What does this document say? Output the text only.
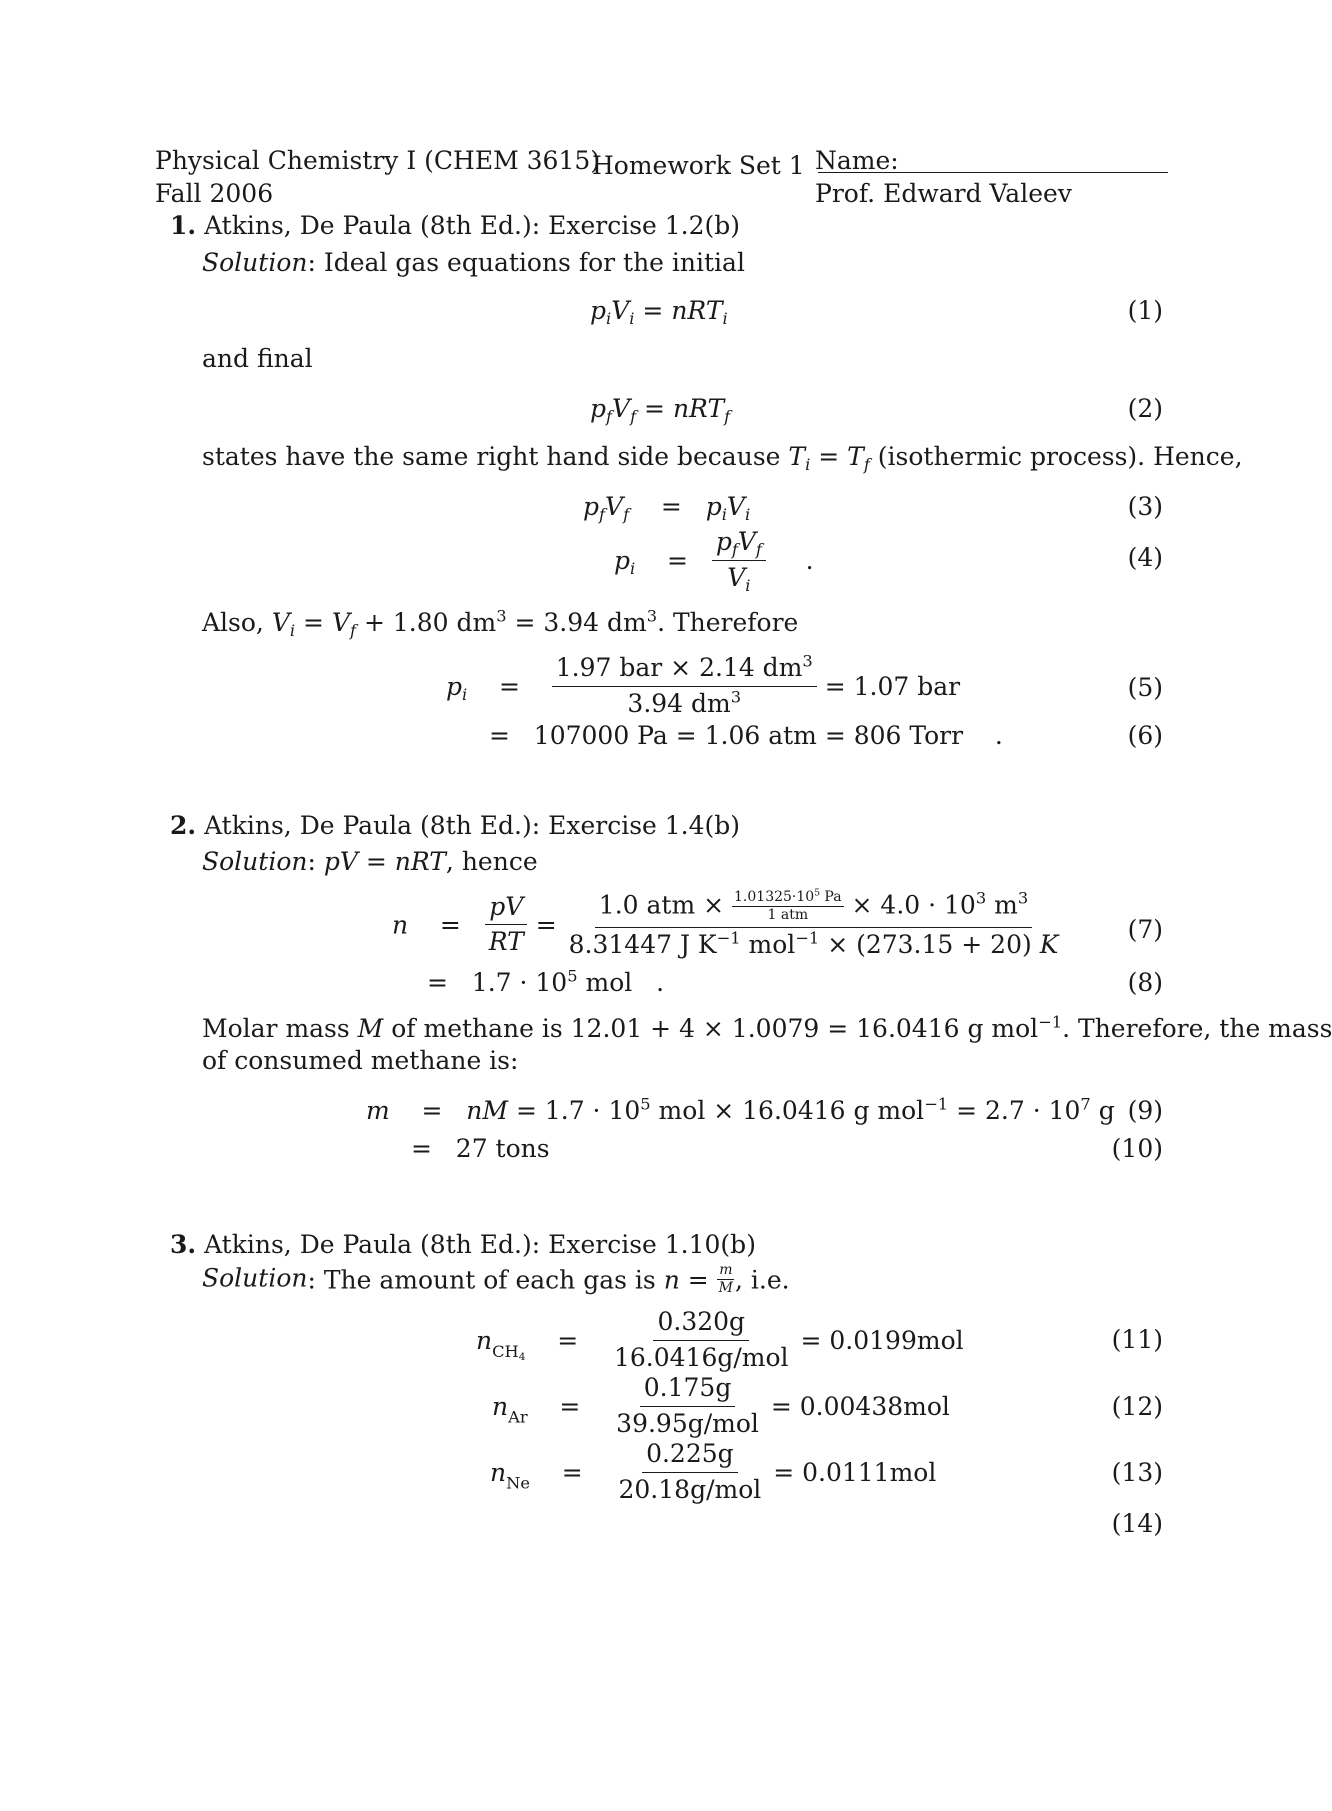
Physical Chemistry I (CHEM 3615)
Fall 2006
Homework Set 1 Name:
Prof. Edward Valeev
1. Atkins, De Paula (8th Ed.): Exercise 1.2(b)
Solution: Ideal gas equations for the initial
$p_iV_i = nRT_i$	(1)
and final
$p_fV_f = nRT_f$	(2)
states have the same right hand side because $T_i = T_f$ (isothermic process). Hence,
$p_fV_f$    =   $p_iV_i$	(3)
$p_i = \frac{p_fV_f}{V_i}$ .	(4)
Also, $V_i = V_f + 1.80$ $dm^3 = 3.94$ $dm^3$. Therefore
$p_i = \frac{1.97 bar \times 2.14 dm^3}{3.94 dm^3} = 1.07$ bar	(5)
=   107000 Pa = 1.06 atm = 806 Torr    .	(6)
2. Atkins, De Paula (8th Ed.): Exercise 1.4(b)
Solution: pV = nRT, hence
$n = \frac{pV}{RT} = \frac{1.0 atm \times \frac{1.01325\cdot 10^5 Pa}{\text{1 atm}} \times 4.0 \cdot 10^3 m^3}{8.31447 J K^{-1} mol^{-1} \times (273.15 + 20) K}$	(7)
=   $1.7 \cdot 10^5$ mol   .	(8)
Molar mass M of methane is 12.01 + 4 × 1.0079 = 16.0416 g mol$^{-1}$. Therefore, the mass
of consumed methane is:
m    =   nM = $1.7 \cdot 10^5$ mol × 16.0416 g $mol^{-1} = 2.7 \cdot 10^7$ g (9)
=   27 tons	(10)
3. Atkins, De Paula (8th Ed.): Exercise 1.10(b)
Solution: The amount of each gas is $n = \frac{m}{M}$ , i.e.
$n_{CH_4}$    = $\frac{0.320g}{\text{16.0416g/mol}} = 0.0199mol$	(11)
$n_{Ar} = \frac{0.175g}{\text{39.95g/mol}} = 0.00438mol$	(12)
$n_{Ne} = \frac{0.225g}{\text{20.18g/mol}} = 0.0111mol$	(13)
(14)
